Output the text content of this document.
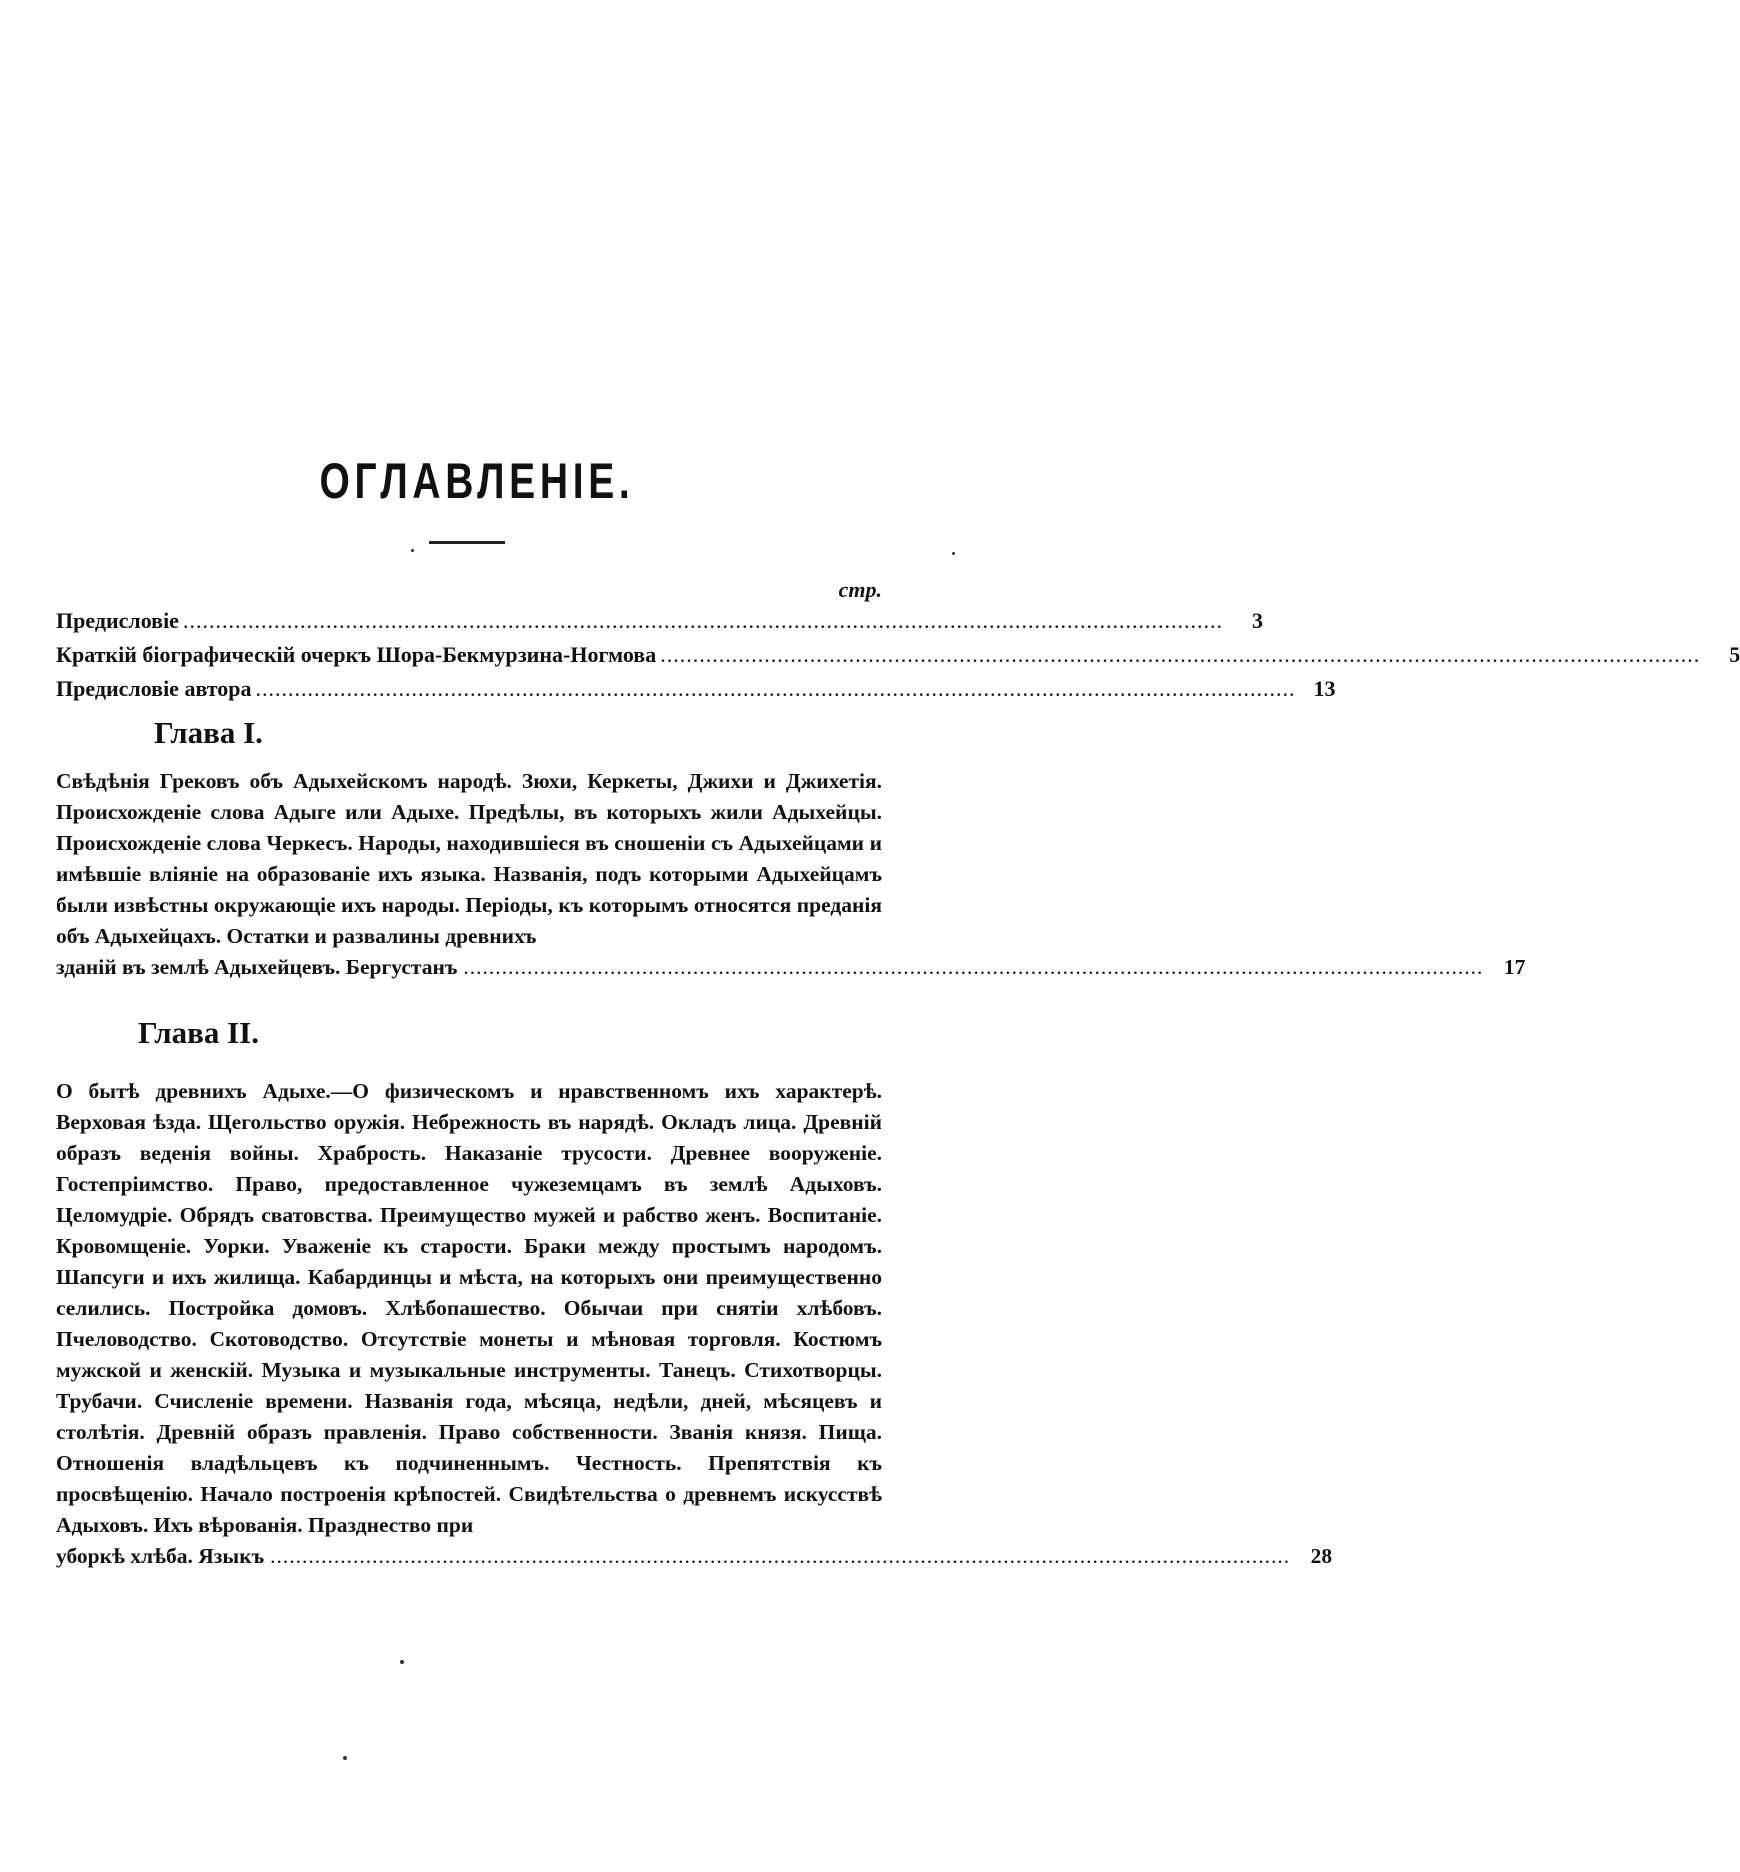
ОГЛАВЛЕНІЕ.
стр.
Предисловіе ................................................................................................................................................................	3
Краткій біографическій очеркъ Шора-Бекмурзина-Ногмова ................................................................................................................................................................	5
Предисловіе автора ................................................................................................................................................................ 13
Глава I.
Свѣдѣнія Грековъ объ Адыхейскомъ народѣ. Зюхи, Керкеты, Джихи и Джихетія. Происхожденіе слова Адыге или Адыхе. Предѣлы, въ которыхъ жили Адыхейцы. Происхожденіе слова Черкесъ. Народы, находившіеся въ сношеніи съ Адыхейцами и имѣвшіе вліяніе на образованіе ихъ языка. Названія, подъ которыми Адыхейцамъ были извѣстны окружающіе ихъ народы. Періоды, къ которымъ относятся преданія объ Адыхейцахъ. Остатки и развалины древнихъ
зданій въ землѣ Адыхейцевъ. Бергустанъ ................................................................................................................................................................ 17
Глава II.
О бытѣ древнихъ Адыхе.—О физическомъ и нравственномъ ихъ характерѣ. Верховая ѣзда. Щегольство оружія. Небрежность въ нарядѣ. Окладъ лица. Древній образъ веденія войны. Храбрость. Наказаніе трусости. Древнее вооруженіе. Гостепріимство. Право, предоставленное чужеземцамъ въ землѣ Адыховъ. Целомудріе. Обрядъ сватовства. Преимущество мужей и рабство женъ. Воспитаніе. Кровомщеніе. Уорки. Уваженіе къ старости. Браки между простымъ народомъ. Шапсуги и ихъ жилища. Кабардинцы и мѣста, на которыхъ они преимущественно селились. Постройка домовъ. Хлѣбопашество. Обычаи при снятіи хлѣбовъ. Пчеловодство. Скотоводство. Отсутствіе монеты и мѣновая торговля. Костюмъ мужской и женскій. Музыка и музыкальные инструменты. Танецъ. Стихотворцы. Трубачи. Счисленіе времени. Названія года, мѣсяца, недѣли, дней, мѣсяцевъ и столѣтія. Древній образъ правленія. Право собственности. Званія князя. Пища. Отношенія владѣльцевъ къ подчиненнымъ. Честность. Препятствія къ просвѣщенію. Начало построенія крѣпостей. Свидѣтельства о древнемъ искусствѣ Адыховъ. Ихъ вѣрованія. Празднество при
уборкѣ хлѣба. Языкъ ................................................................................................................................................................ 28
